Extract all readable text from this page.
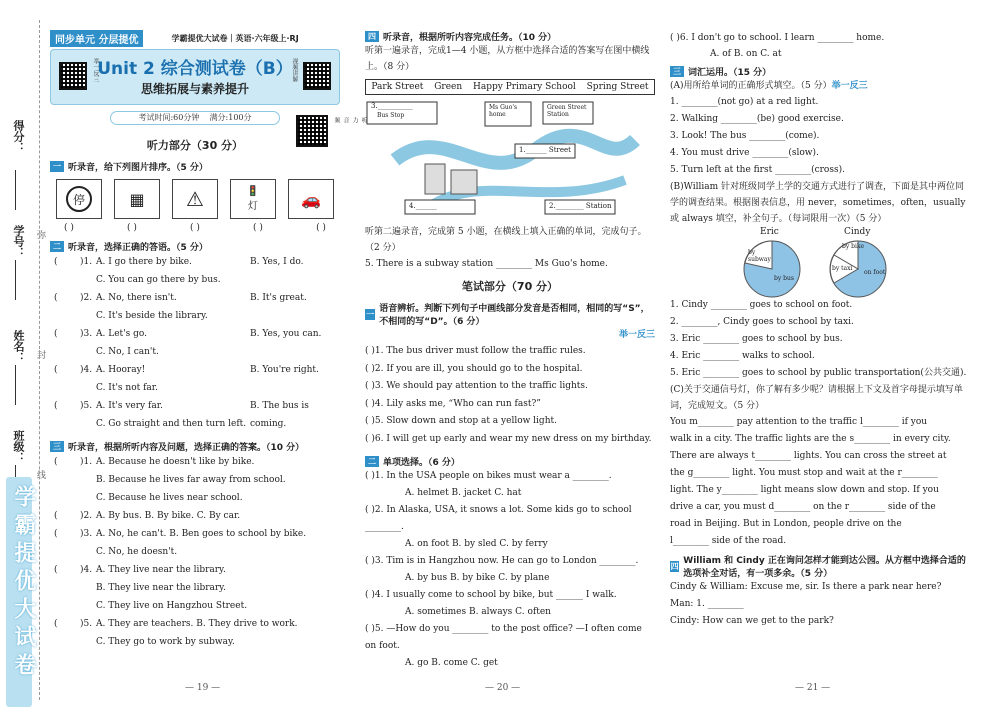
得分：
学号：
姓名：
班级：
弥
封
线
学霸提优大试卷
同步单元 分层提优	学霸提优大试卷｜英语·六年级上·RJ
举一反三
Unit 2 综合测试卷（B）
思维拓展与素养提升
视频讲解
考试时间:60分钟 满分:100分	听力音频
听力部分（30 分）
一 听录音，给下列图片排序。（5 分）
停	▦	⚠	🚦
灯	🚗
( )	( )	( )	( )	( )
二 听录音，选择正确的答语。（5 分）
( )1. A. I go there by bike.	B. Yes, I do.
C. You can go there by bus.
( )2. A. No, there isn't.	B. It's great.
C. It's beside the library.
( )3. A. Let's go.	B. Yes, you can.
C. No, I can't.
( )4. A. Hooray!	B. You're right.
C. It's not far.
( )5. A. It's very far.	B. The bus is coming.
C. Go straight and then turn left.
三 听录音，根据所听内容及问题，选择正确的答案。（10 分）
( )1. A. Because he doesn't like by bike.
B. Because he lives far away from school.
C. Because he lives near school.
( )2. A. By bus. B. By bike. C. By car.
( )3. A. No, he can't. B. Ben goes to school by bike.
C. No, he doesn't.
( )4. A. They live near the library.
B. They live near the library.
C. They live on Hangzhou Street.
( )5. A. They are teachers. B. They drive to work.
C. They go to work by subway.
— 19 —
四 听录音，根据所听内容完成任务。（10 分）
听第一遍录音，完成1—4 小题，从方框中选择合适的答案写在图中横线上。（8 分）
Park Street Green Happy Primary School Spring Street
3.__________
Bus Stop
Ms Guo's home
Green Street Station
1.______ Street
4.______	2.________ Station
听第二遍录音，完成第 5 小题，在横线上填入正确的单词，完成句子。（2 分）
5. There is a subway station ________ Ms Guo's home.
笔试部分（70 分）
一 语音辨析。判断下列句子中画线部分发音是否相同，相同的写“S”，不相同的写“D”。（6 分）
举一反三
( )1. The bus driver must follow the traffic rules.
( )2. If you are ill, you should go to the hospital.
( )3. We should pay attention to the traffic lights.
( )4. Lily asks me, “Who can run fast?”
( )5. Slow down and stop at a yellow light.
( )6. I will get up early and wear my new dress on my birthday.
二 单项选择。（6 分）
( )1. In the USA people on bikes must wear a ________.
A. helmet B. jacket C. hat
( )2. In Alaska, USA, it snows a lot. Some kids go to school ________.
A. on foot B. by sled C. by ferry
( )3. Tim is in Hangzhou now. He can go to London ________.
A. by bus B. by bike C. by plane
( )4. I usually come to school by bike, but ______ I walk.
A. sometimes B. always C. often
( )5. —How do you ________ to the post office? —I often come on foot.
A. go B. come C. get
— 20 —
( )6. I don't go to school. I learn ________ home.
A. of B. on C. at
三 词汇运用。（15 分）
(A)用所给单词的正确形式填空。（5 分）举一反三
1. ________(not go) at a red light.
2. Walking ________(be) good exercise.
3. Look! The bus ________(come).
4. You must drive ________(slow).
5. Turn left at the first ________(cross).
(B)William 针对班级同学上学的交通方式进行了调查，下面是其中两位同学的调查结果。根据图表信息，用 never，sometimes，often，usually 或 always 填空，补全句子。（每词限用一次）（5 分）
Eric
by subway
by bus
Cindy
by bike
by taxi
on foot
1. Cindy ________ goes to school on foot.
2. ________, Cindy goes to school by taxi.
3. Eric ________ goes to school by bus.
4. Eric ________ walks to school.
5. Eric ________ goes to school by public transportation(公共交通).
(C)关于交通信号灯，你了解有多少呢？请根据上下文及首字母提示填写单词，完成短文。（5 分）
You m________ pay attention to the traffic l________ if you
walk in a city. The traffic lights are the s________ in every city.
There are always t________ lights. You can cross the street at
the g________ light. You must stop and wait at the r________
light. The y________ light means slow down and stop. If you
drive a car, you must d________ on the r________ side of the
road in Beijing. But in London, people drive on the
l________ side of the road.
四 William 和 Cindy 正在询问怎样才能到达公园。从方框中选择合适的选项补全对话，有一项多余。（5 分）
Cindy & William: Excuse me, sir. Is there a park near here?
Man: 1. ________
Cindy: How can we get to the park?
— 21 —
